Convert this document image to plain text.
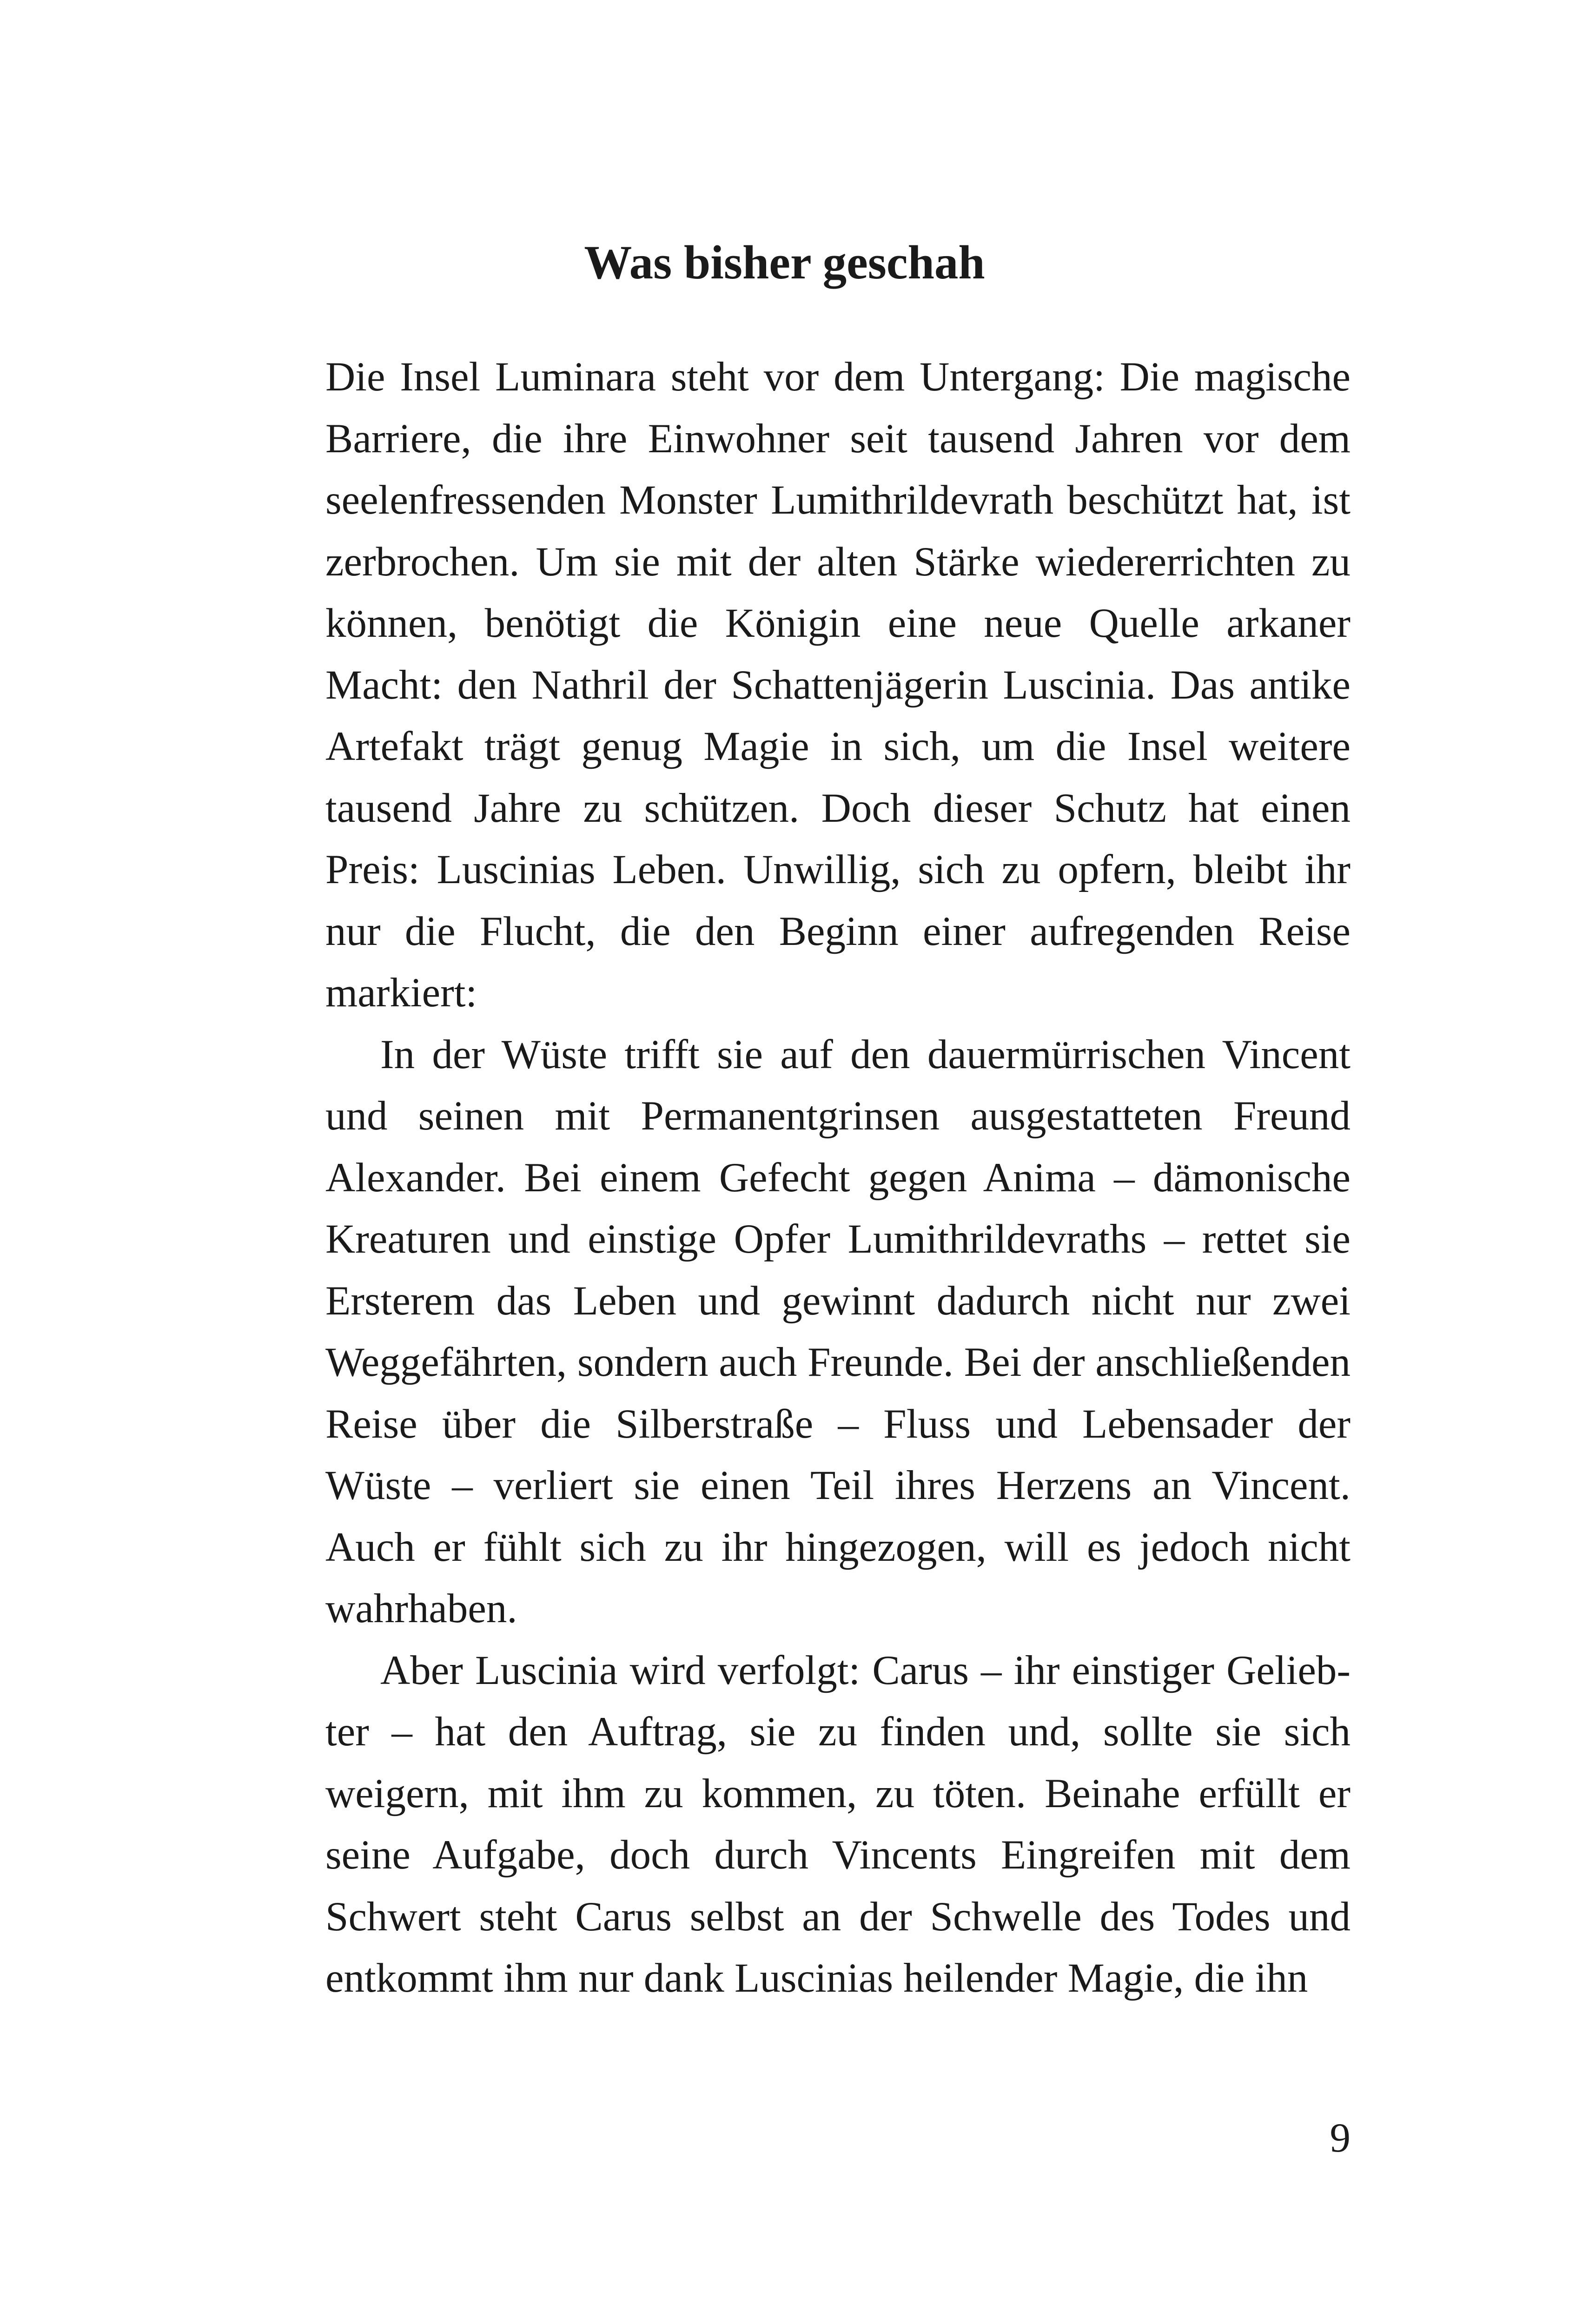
Was bisher geschah

Die Insel Luminara steht vor dem Untergang: Die magische Barriere, die ihre Einwohner seit tausend Jahren vor dem seelenfressenden Monster Lumithrildevrath beschützt hat, ist zerbrochen. Um sie mit der alten Stärke wiedererrichten zu können, benötigt die Königin eine neue Quelle arkaner Macht: den Nathril der Schattenjägerin Luscinia. Das antike Artefakt trägt genug Magie in sich, um die Insel weitere tausend Jahre zu schützen. Doch dieser Schutz hat einen Preis: Luscinias Leben. Unwillig, sich zu opfern, bleibt ihr nur die Flucht, die den Beginn einer aufregenden Reise markiert:

In der Wüste trifft sie auf den dauermürrischen Vincent und seinen mit Permanentgrinsen ausgestatteten Freund Alexander. Bei einem Gefecht gegen Anima – dämonische Kreaturen und einstige Opfer Lumithrildevraths – rettet sie Ersterem das Leben und gewinnt dadurch nicht nur zwei Weggefährten, sondern auch Freunde. Bei der anschließenden Reise über die Silberstraße – Fluss und Lebensader der Wüste – verliert sie einen Teil ihres Herzens an Vincent. Auch er fühlt sich zu ihr hingezogen, will es jedoch nicht wahrhaben.

Aber Luscinia wird verfolgt: Carus – ihr einstiger Geliebter – hat den Auftrag, sie zu finden und, sollte sie sich weigern, mit ihm zu kommen, zu töten. Beinahe erfüllt er seine Aufgabe, doch durch Vincents Eingreifen mit dem Schwert steht Carus selbst an der Schwelle des Todes und entkommt ihm nur dank Luscinias heilender Magie, die ihn

9
